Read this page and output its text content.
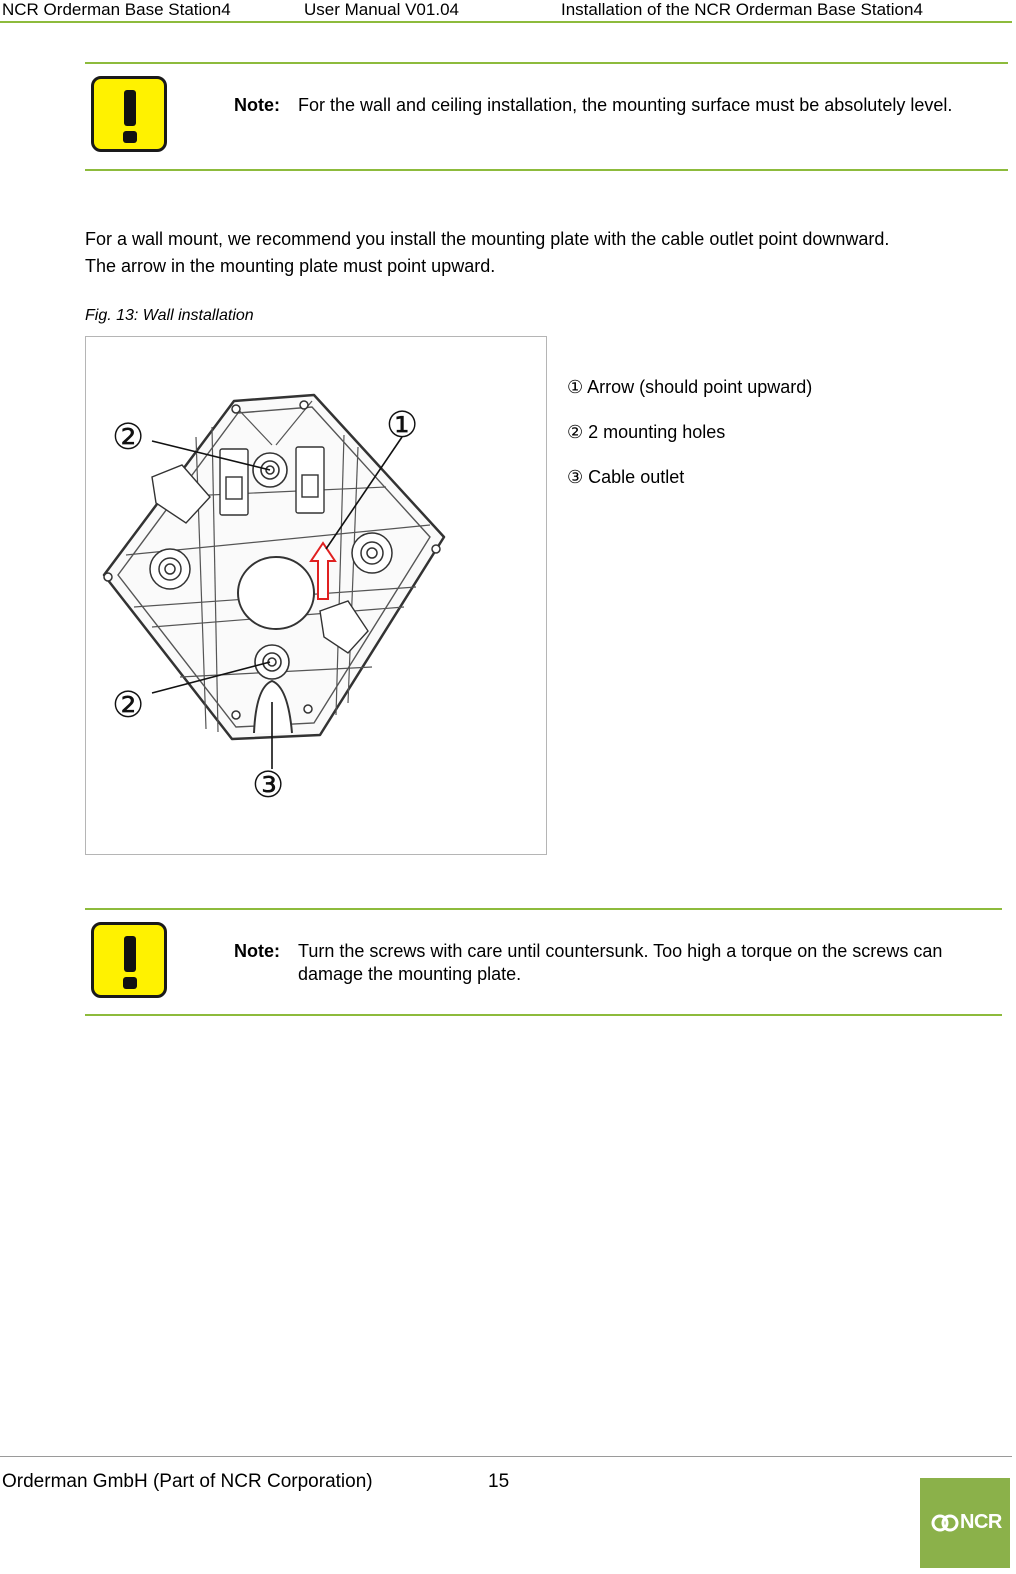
NCR Orderman Base Station4	User Manual V01.04	Installation of the NCR Orderman Base Station4
Note: For the wall and ceiling installation, the mounting surface must be absolutely level.
For a wall mount, we recommend you install the mounting plate with the cable outlet point downward. The arrow in the mounting plate must point upward.
Fig. 13: Wall installation
②	①
②
③
① Arrow (should point upward)
② 2 mounting holes
③ Cable outlet
Note: Turn the screws with care until countersunk. Too high a torque on the screws can damage the mounting plate.
Orderman GmbH (Part of NCR Corporation)	15
NCR
